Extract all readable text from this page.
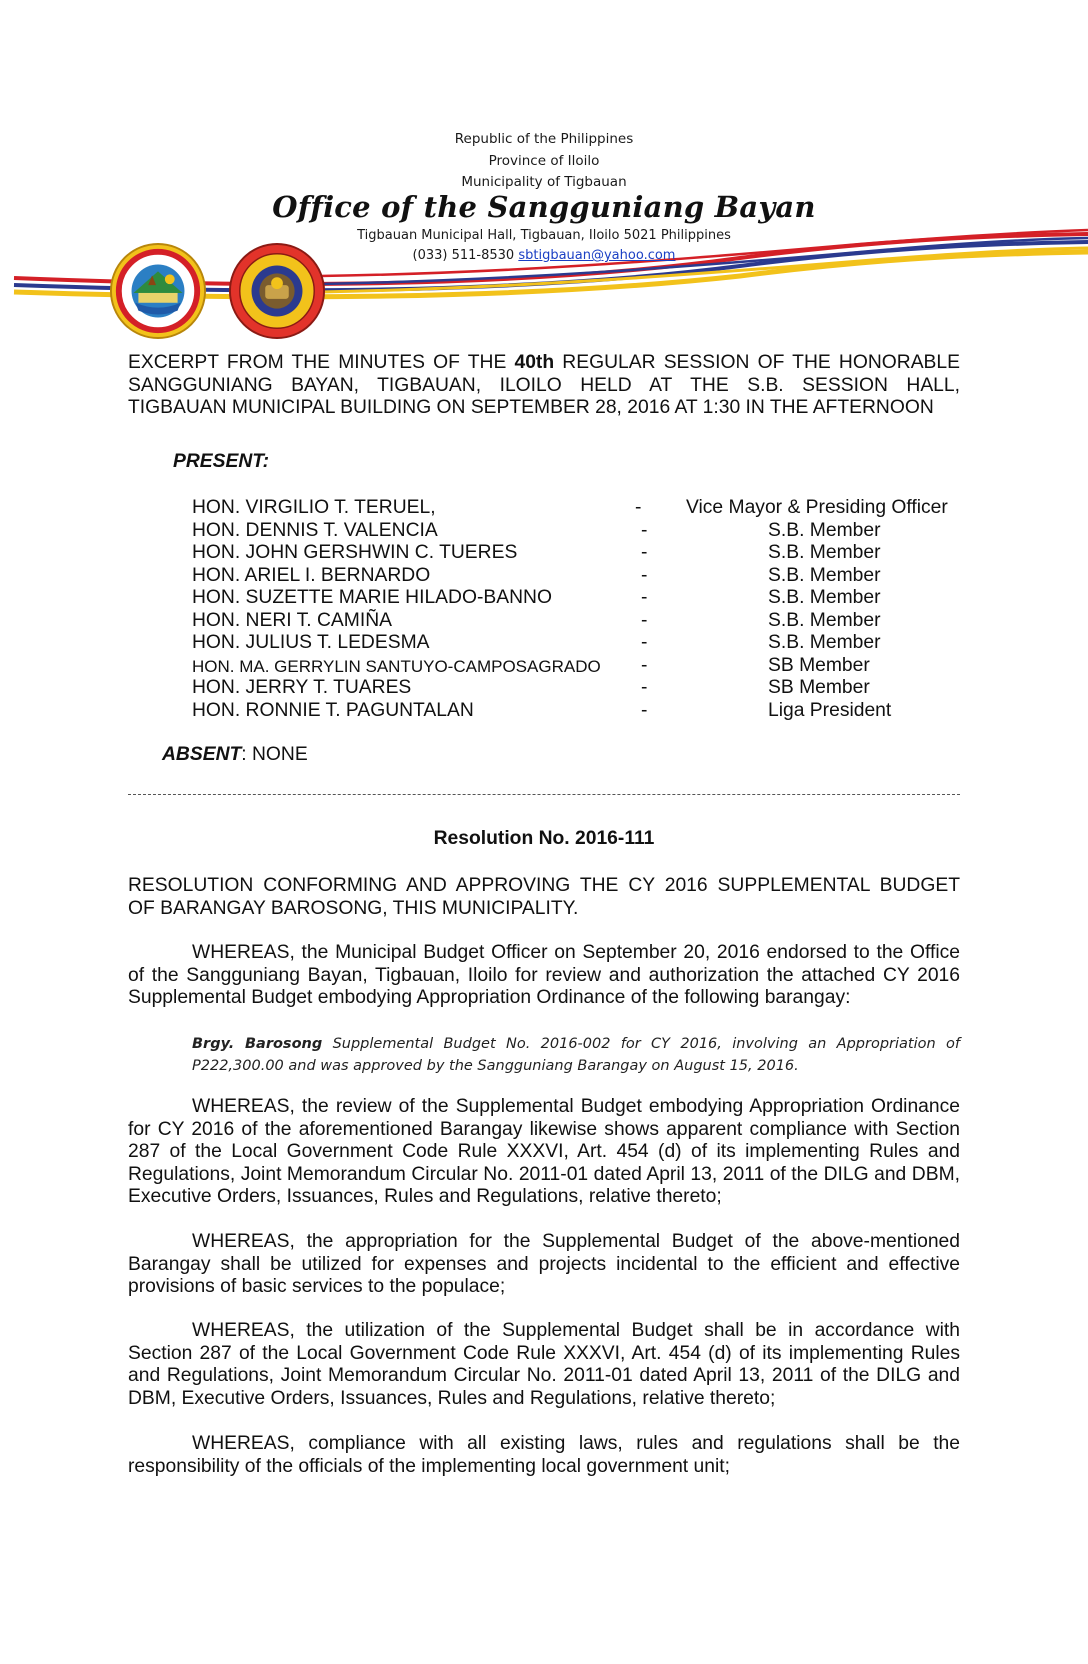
Republic of the Philippines
Province of Iloilo
Municipality of Tigbauan
Office of the Sangguniang Bayan
Tigbauan Municipal Hall, Tigbauan, Iloilo 5021 Philippines
(033) 511-8530 sbtigbauan@yahoo.com
EXCERPT FROM THE MINUTES OF THE 40th REGULAR SESSION OF THE HONORABLE
SANGGUNIANG BAYAN, TIGBAUAN, ILOILO HELD AT THE S.B. SESSION HALL,
TIGBAUAN MUNICIPAL BUILDING ON SEPTEMBER 28, 2016 AT 1:30 IN THE AFTERNOON
PRESENT:
HON. VIRGILIO T. TERUEL,	- Vice Mayor & Presiding Officer
HON. DENNIS T. VALENCIA	-	S.B. Member
HON. JOHN GERSHWIN C. TUERES	-	S.B. Member
HON. ARIEL I. BERNARDO	-	S.B. Member
HON. SUZETTE MARIE HILADO-BANNO	-	S.B. Member
HON. NERI T. CAMIÑA	-	S.B. Member
HON. JULIUS T. LEDESMA	-	S.B. Member
HON. MA. GERRYLIN SANTUYO-CAMPOSAGRADO -	SB Member
HON. JERRY T. TUARES	-	SB Member
HON. RONNIE T. PAGUNTALAN	-	Liga President
ABSENT: NONE
Resolution No. 2016-111
RESOLUTION CONFORMING AND APPROVING THE CY 2016 SUPPLEMENTAL BUDGET
OF BARANGAY BAROSONG, THIS MUNICIPALITY.
WHEREAS, the Municipal Budget Officer on September 20, 2016 endorsed to the Office of the Sangguniang Bayan, Tigbauan, Iloilo for review and authorization the attached CY 2016 Supplemental Budget embodying Appropriation Ordinance of the following barangay:
Brgy. Barosong Supplemental Budget No. 2016-002 for CY 2016, involving an Appropriation of P222,300.00 and was approved by the Sangguniang Barangay on August 15, 2016.
WHEREAS, the review of the Supplemental Budget embodying Appropriation Ordinance for CY 2016 of the aforementioned Barangay likewise shows apparent compliance with Section 287 of the Local Government Code Rule XXXVI, Art. 454 (d) of its implementing Rules and Regulations, Joint Memorandum Circular No. 2011-01 dated April 13, 2011 of the DILG and DBM, Executive Orders, Issuances, Rules and Regulations, relative thereto;
WHEREAS, the appropriation for the Supplemental Budget of the above-mentioned Barangay shall be utilized for expenses and projects incidental to the efficient and effective provisions of basic services to the populace;
WHEREAS, the utilization of the Supplemental Budget shall be in accordance with Section 287 of the Local Government Code Rule XXXVI, Art. 454 (d) of its implementing Rules and Regulations, Joint Memorandum Circular No. 2011-01 dated April 13, 2011 of the DILG and DBM, Executive Orders, Issuances, Rules and Regulations, relative thereto;
WHEREAS, compliance with all existing laws, rules and regulations shall be the responsibility of the officials of the implementing local government unit;
